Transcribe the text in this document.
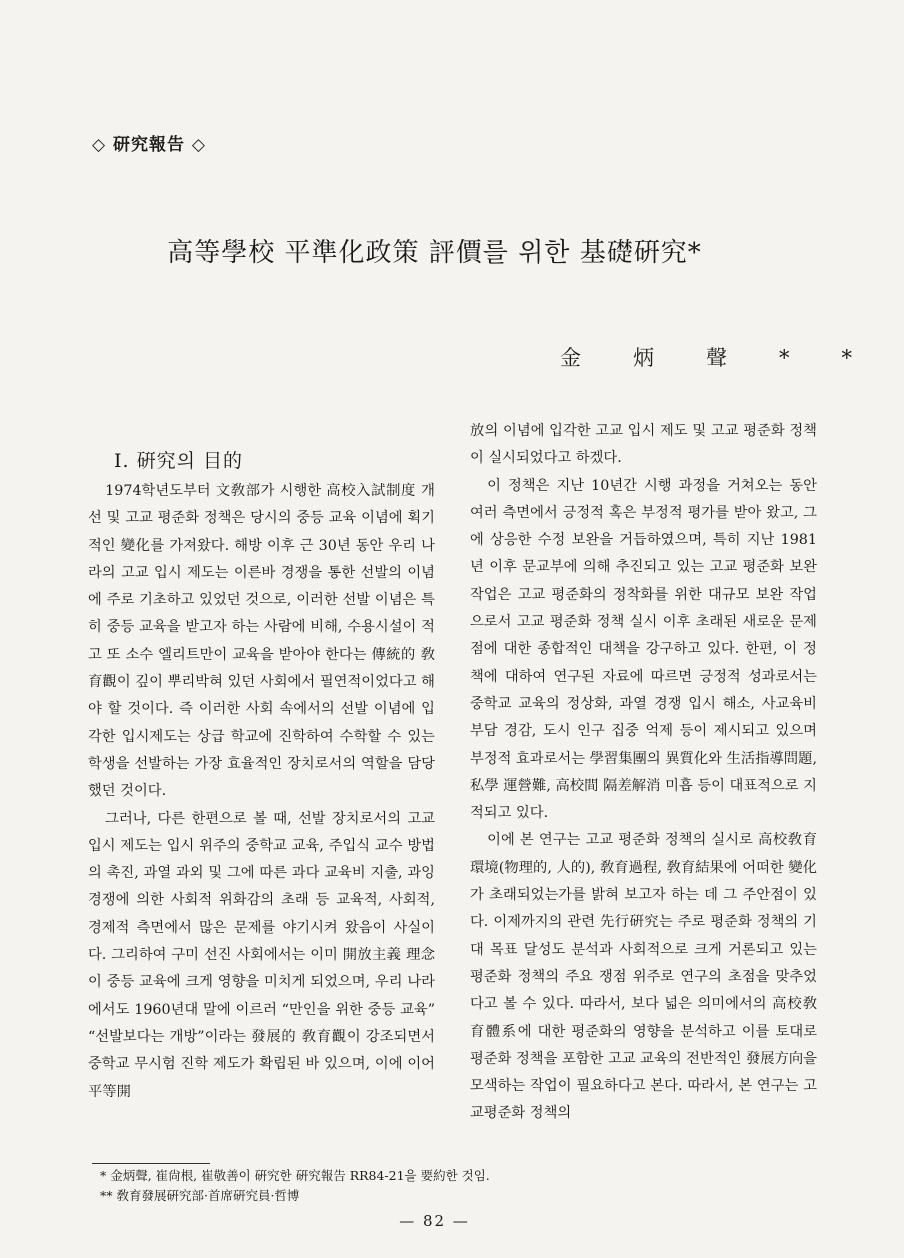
◇ 研究報告 ◇
高等學校 平準化政策 評價를 위한 基礎硏究*
金炳聲**
Ⅰ. 硏究의 目的

1974학년도부터 文敎部가 시행한 高校入試制度 개선 및 고교 평준화 정책은 당시의 중등 교육 이념에 획기적인 變化를 가져왔다. 해방 이후 근 30년 동안 우리 나라의 고교 입시 제도는 이른바 경쟁을 통한 선발의 이념에 주로 기초하고 있었던 것으로, 이러한 선발 이념은 특히 중등 교육을 받고자 하는 사람에 비해, 수용시설이 적고 또 소수 엘리트만이 교육을 받아야 한다는 傳統的 敎育觀이 깊이 뿌리박혀 있던 사회에서 필연적이었다고 해야 할 것이다. 즉 이러한 사회 속에서의 선발 이념에 입각한 입시제도는 상급 학교에 진학하여 수학할 수 있는 학생을 선발하는 가장 효율적인 장치로서의 역할을 담당했던 것이다.

그러나, 다른 한편으로 볼 때, 선발 장치로서의 고교 입시 제도는 입시 위주의 중학교 교육, 주입식 교수 방법의 촉진, 과열 과외 및 그에 따른 과다 교육비 지출, 과잉 경쟁에 의한 사회적 위화감의 초래 등 교육적, 사회적, 경제적 측면에서 많은 문제를 야기시켜 왔음이 사실이다. 그리하여 구미 선진 사회에서는 이미 開放主義 理念이 중등 교육에 크게 영향을 미치게 되었으며, 우리 나라에서도 1960년대 말에 이르러 “만인을 위한 중등 교육” “선발보다는 개방”이라는 發展的 敎育觀이 강조되면서 중학교 무시험 진학 제도가 확립된 바 있으며, 이에 이어 平等開

放의 이념에 입각한 고교 입시 제도 및 고교 평준화 정책이 실시되었다고 하겠다.

이 정책은 지난 10년간 시행 과정을 거쳐오는 동안 여러 측면에서 긍정적 혹은 부정적 평가를 받아 왔고, 그에 상응한 수정 보완을 거듭하였으며, 특히 지난 1981년 이후 문교부에 의해 추진되고 있는 고교 평준화 보완 작업은 고교 평준화의 정착화를 위한 대규모 보완 작업으로서 고교 평준화 정책 실시 이후 초래된 새로운 문제점에 대한 종합적인 대책을 강구하고 있다. 한편, 이 정책에 대하여 연구된 자료에 따르면 긍정적 성과로서는 중학교 교육의 정상화, 과열 경쟁 입시 해소, 사교육비 부담 경감, 도시 인구 집중 억제 등이 제시되고 있으며 부정적 효과로서는 學習集團의 異質化와 生活指導問題, 私學 運營難, 高校間 隔差解消 미흡 등이 대표적으로 지적되고 있다.

이에 본 연구는 고교 평준화 정책의 실시로 高校敎育環境(物理的, 人的), 敎育過程, 敎育結果에 어떠한 變化가 초래되었는가를 밝혀 보고자 하는 데 그 주안점이 있다. 이제까지의 관련 先行硏究는 주로 평준화 정책의 기대 목표 달성도 분석과 사회적으로 크게 거론되고 있는 평준화 정책의 주요 쟁점 위주로 연구의 초점을 맞추었다고 볼 수 있다. 따라서, 보다 넓은 의미에서의 高校敎育體系에 대한 평준화의 영향을 분석하고 이를 토대로 평준화 정책을 포함한 고교 교육의 전반적인 發展方向을 모색하는 작업이 필요하다고 본다. 따라서, 본 연구는 고교평준화 정책의

* 金炳聲, 崔尙根, 崔敬善이 硏究한 硏究報告 RR84-21을 要約한 것임.
** 敎育發展硏究部·首席硏究員·哲博
— 82 —
